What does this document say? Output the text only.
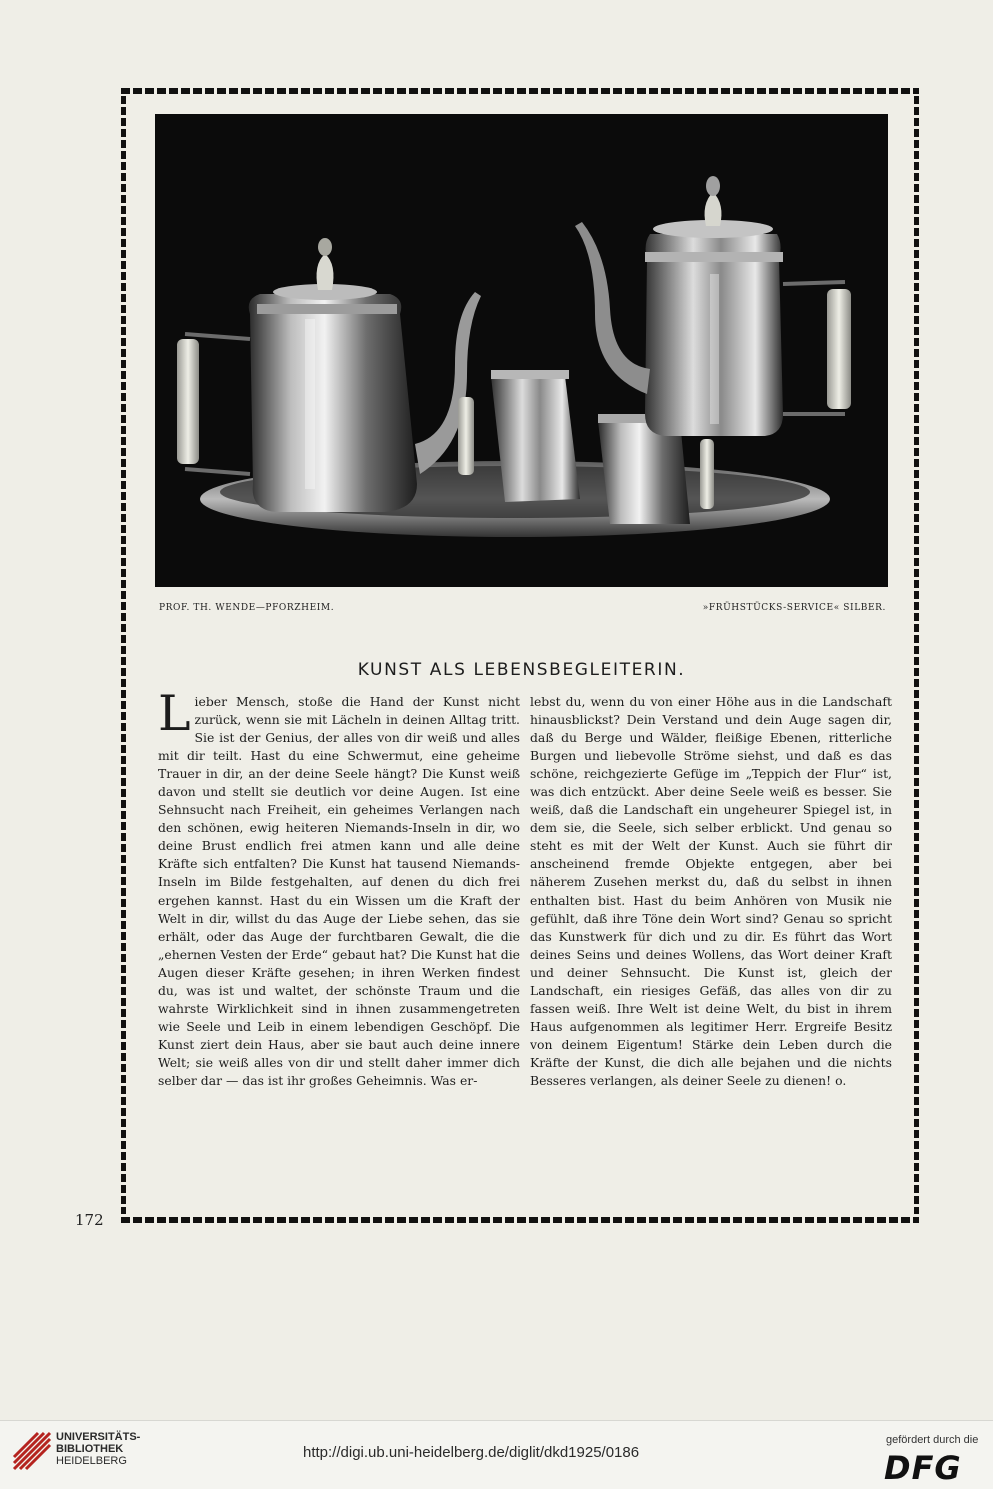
PROF. TH. WENDE—PFORZHEIM.	»FRÜHSTÜCKS-SERVICE« SILBER.
KUNST ALS LEBENSBEGLEITERIN.
L ieber Mensch, stoße die Hand der Kunst nicht zurück, wenn sie mit Lächeln in deinen Alltag tritt. Sie ist der Genius, der alles von dir weiß und alles mit dir teilt. Hast du eine Schwermut, eine geheime Trauer in dir, an der deine Seele hängt? Die Kunst weiß davon und stellt sie deutlich vor deine Augen. Ist eine Sehnsucht nach Freiheit, ein geheimes Verlangen nach den schönen, ewig heiteren Niemands-Inseln in dir, wo deine Brust endlich frei atmen kann und alle deine Kräfte sich entfalten? Die Kunst hat tausend Niemands-Inseln im Bilde festgehalten, auf denen du dich frei ergehen kannst. Hast du ein Wissen um die Kraft der Welt in dir, willst du das Auge der Liebe sehen, das sie erhält, oder das Auge der furchtbaren Gewalt, die die „ehernen Vesten der Erde“ gebaut hat? Die Kunst hat die Augen dieser Kräfte gesehen; in ihren Werken findest du, was ist und waltet, der schönste Traum und die wahrste Wirklichkeit sind in ihnen zusammengetreten wie Seele und Leib in einem lebendigen Geschöpf. Die Kunst ziert dein Haus, aber sie baut auch deine innere Welt; sie weiß alles von dir und stellt daher immer dich selber dar — das ist ihr großes Geheimnis. Was er-
lebst du, wenn du von einer Höhe aus in die Landschaft hinausblickst? Dein Verstand und dein Auge sagen dir, daß du Berge und Wälder, fleißige Ebenen, ritterliche Burgen und liebevolle Ströme siehst, und daß es das schöne, reichgezierte Gefüge im „Teppich der Flur“ ist, was dich entzückt. Aber deine Seele weiß es besser. Sie weiß, daß die Landschaft ein ungeheurer Spiegel ist, in dem sie, die Seele, sich selber erblickt. Und genau so steht es mit der Welt der Kunst. Auch sie führt dir anscheinend fremde Objekte entgegen, aber bei näherem Zusehen merkst du, daß du selbst in ihnen enthalten bist. Hast du beim Anhören von Musik nie gefühlt, daß ihre Töne dein Wort sind? Genau so spricht das Kunstwerk für dich und zu dir. Es führt das Wort deines Seins und deines Wollens, das Wort deiner Kraft und deiner Sehnsucht. Die Kunst ist, gleich der Landschaft, ein riesiges Gefäß, das alles von dir zu fassen weiß. Ihre Welt ist deine Welt, du bist in ihrem Haus aufgenommen als legitimer Herr. Ergreife Besitz von deinem Eigentum! Stärke dein Leben durch die Kräfte der Kunst, die dich alle bejahen und die nichts Besseres verlangen, als deiner Seele zu dienen! o.
172
UNIVERSITÄTS-
BIBLIOTHEK
HEIDELBERG	http://digi.ub.uni-heidelberg.de/diglit/dkd1925/0186
gefördert durch die
DFG
